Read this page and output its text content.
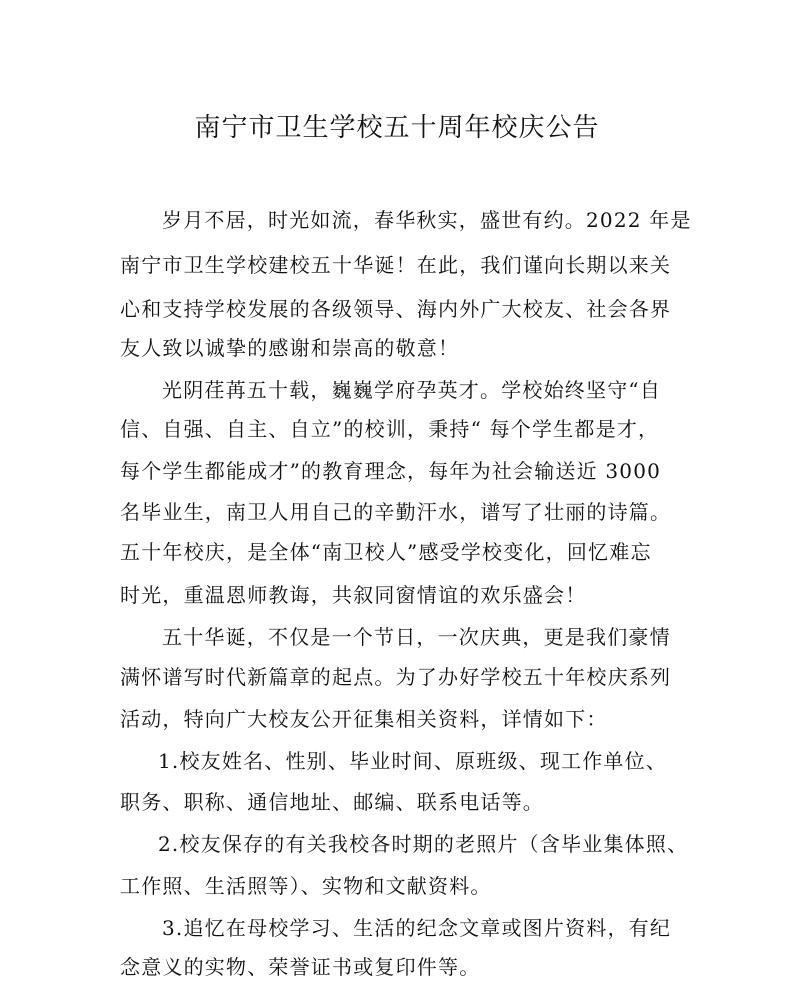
南宁市卫生学校五十周年校庆公告
岁月不居，时光如流，春华秋实，盛世有约。2022 年是
南宁市卫生学校建校五十华诞！在此，我们谨向长期以来关
心和支持学校发展的各级领导、海内外广大校友、社会各界
友人致以诚挚的感谢和崇高的敬意！
光阴荏苒五十载，巍巍学府孕英才。学校始终坚守“自
信、自强、自主、自立”的校训，秉持“ 每个学生都是才，
每个学生都能成才”的教育理念，每年为社会输送近 3000
名毕业生，南卫人用自己的辛勤汗水，谱写了壮丽的诗篇。
五十年校庆，是全体“南卫校人”感受学校变化，回忆难忘
时光，重温恩师教诲，共叙同窗情谊的欢乐盛会！
五十华诞，不仅是一个节日，一次庆典，更是我们豪情
满怀谱写时代新篇章的起点。为了办好学校五十年校庆系列
活动，特向广大校友公开征集相关资料，详情如下：
1.校友姓名、性别、毕业时间、原班级、现工作单位、
职务、职称、通信地址、邮编、联系电话等。
2.校友保存的有关我校各时期的老照片（含毕业集体照、
工作照、生活照等）、实物和文献资料。
3.追忆在母校学习、生活的纪念文章或图片资料，有纪
念意义的实物、荣誉证书或复印件等。
